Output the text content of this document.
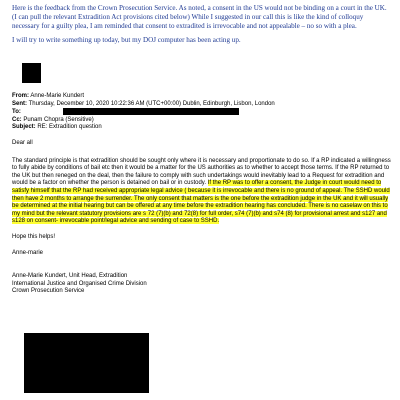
Here is the feedback from the Crown Prosecution Service. As noted, a consent in the US would not be binding on a court in the UK. (I can pull the relevant Extradition Act provisions cited below) While I suggested in our call this is like the kind of colloquy necessary for a guilty plea, I am reminded that consent to extradited is irrevocable and not appealable – no so with a plea.

I will try to write something up today, but my DOJ computer has been acting up.

From: Anne-Marie Kundert
Sent: Thursday, December 10, 2020 10:22:36 AM (UTC+00:00) Dublin, Edinburgh, Lisbon, London
To:
Cc: Punam Chopra (Sensitive)
Subject: RE: Extradition question

Dear all

The standard principle is that extradition should be sought only where it is necessary and proportionate to do so. If a RP indicated a willingness to fully abide by conditions of bail etc then it would be a matter for the US authorities as to whether to accept those terms. If the RP returned to the UK but then reneged on the deal, then the failure to comply with such undertakings would inevitably lead to a Request for extradition and would be a factor on whether the person is detained on bail or in custody. If the RP was to offer a consent, the Judge in court would need to satisfy himself that the RP had received appropriate legal advice ( because it is irrevocable and there is no ground of appeal. The SSHD would then have 2 months to arrange the surrender. The only consent that matters is the one before the extradition judge in the UK and it will usually be determined at the initial hearing but can be offered at any time before the extradition hearing has concluded. There is no caselaw on this to my mind but the relevant statutory provisions are s 72 (7)(b) and 72(8) for full order, s74 (7)(b) and s74 (8) for provisional arrest and s127 and s128 on consent- irrevocable point/legal advice and sending of case to SSHD.

Hope this helps!

Anne-marie

Anne-Marie Kundert, Unit Head, Extradition
International Justice and Organised Crime Division
Crown Prosecution Service
